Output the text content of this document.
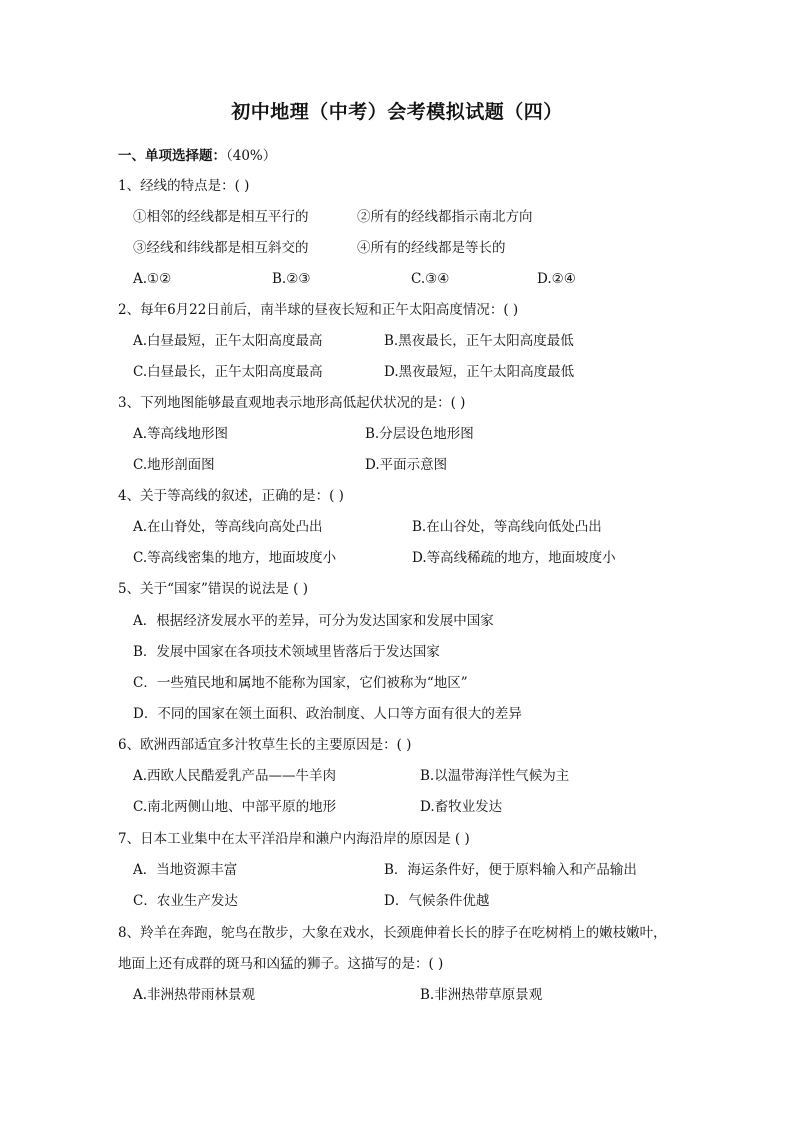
初中地理（中考）会考模拟试题（四）
一、单项选择题：（40%）
1、经线的特点是：( )
①相邻的经线都是相互平行的	②所有的经线都指示南北方向
③经线和纬线都是相互斜交的	④所有的经线都是等长的
A.①②	B.②③	C.③④	D.②④
2、每年6月22日前后，南半球的昼夜长短和正午太阳高度情况：( )
A.白昼最短，正午太阳高度最高	B.黑夜最长，正午太阳高度最低
C.白昼最长，正午太阳高度最高	D.黑夜最短，正午太阳高度最低
3、下列地图能够最直观地表示地形高低起伏状况的是：( )
A.等高线地形图	B.分层设色地形图
C.地形剖面图	D.平面示意图
4、关于等高线的叙述，正确的是：( )
A.在山脊处，等高线向高处凸出	B.在山谷处，等高线向低处凸出
C.等高线密集的地方，地面坡度小	D.等高线稀疏的地方，地面坡度小
5、关于“国家”错误的说法是 ( )
A．根据经济发展水平的差异，可分为发达国家和发展中国家
B．发展中国家在各项技术领域里皆落后于发达国家
C．一些殖民地和属地不能称为国家，它们被称为“地区”
D．不同的国家在领土面积、政治制度、人口等方面有很大的差异
6、欧洲西部适宜多汁牧草生长的主要原因是：( )
A.西欧人民酷爱乳产品——牛羊肉	B.以温带海洋性气候为主
C.南北两侧山地、中部平原的地形	D.畜牧业发达
7、日本工业集中在太平洋沿岸和濑户内海沿岸的原因是 ( )
A．当地资源丰富	B．海运条件好，便于原料输入和产品输出
C．农业生产发达	D．气候条件优越
8、羚羊在奔跑，鸵鸟在散步，大象在戏水，长颈鹿伸着长长的脖子在吃树梢上的嫩枝嫩叶，
地面上还有成群的斑马和凶猛的狮子。这描写的是：( )
A.非洲热带雨林景观	B.非洲热带草原景观
